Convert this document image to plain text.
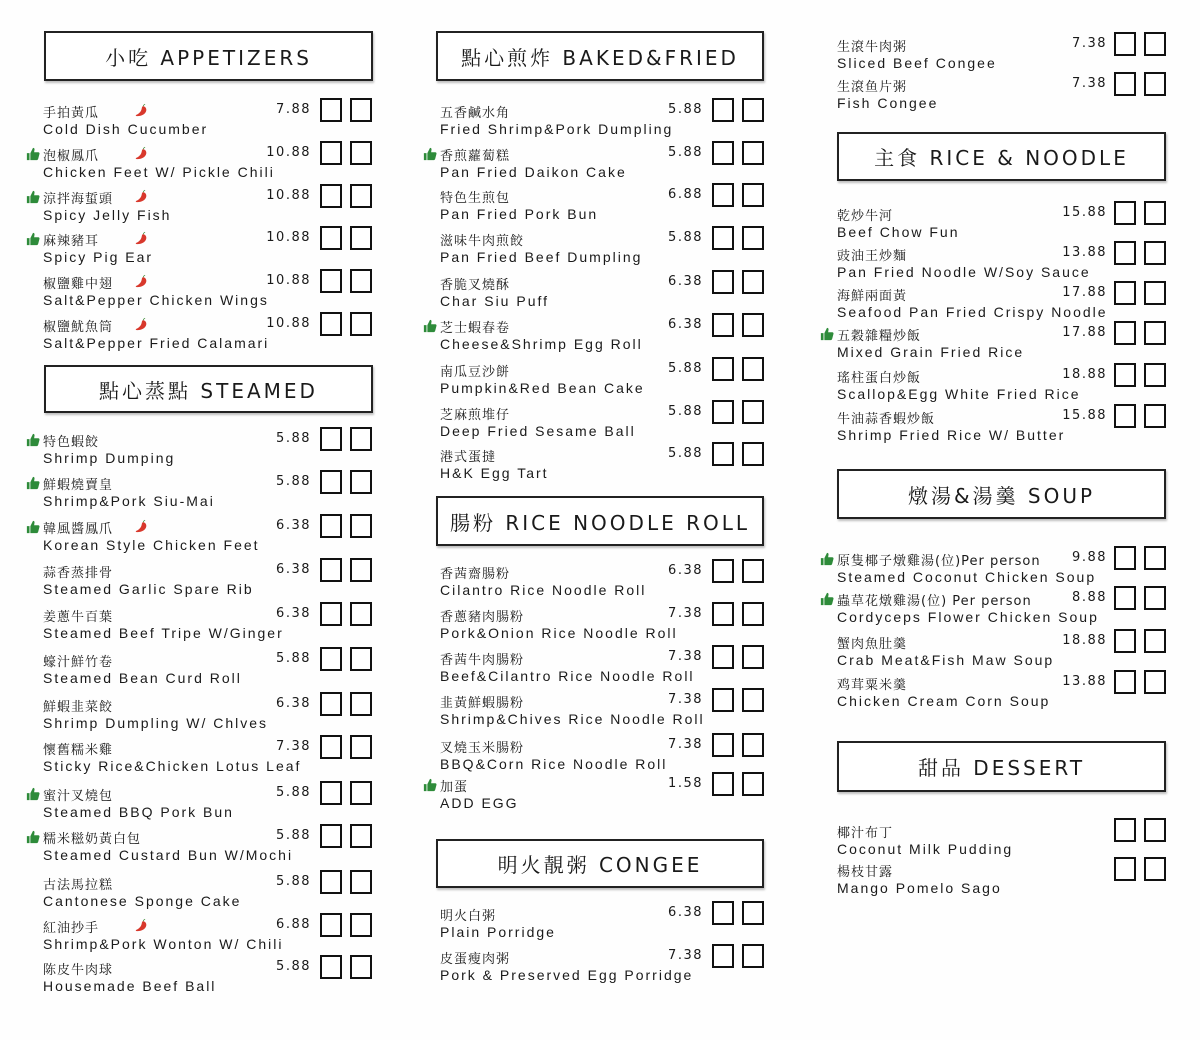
小吃 APPETIZERS
手拍黃瓜
Cold Dish Cucumber
7.88
泡椒鳳爪
Chicken Feet W/ Pickle Chili
10.88
涼拌海蜇頭
Spicy Jelly Fish
10.88
麻辣豬耳
Spicy Pig Ear
10.88
椒鹽雞中翅
Salt&Pepper Chicken Wings
10.88
椒鹽魷魚筒
Salt&Pepper Fried Calamari
10.88
點心蒸點 STEAMED
特色蝦餃
Shrimp Dumping
5.88
鮮蝦燒賣皇
Shrimp&Pork Siu-Mai
5.88
韓風醬鳳爪
Korean Style Chicken Feet
6.38
蒜香蒸排骨
Steamed Garlic Spare Rib
6.38
姜蔥牛百葉
Steamed Beef Tripe W/Ginger
6.38
蠔汁鮮竹卷
Steamed Bean Curd Roll
5.88
鮮蝦韭菜餃
Shrimp Dumpling W/ Chlves
6.38
懷舊糯米雞
Sticky Rice&Chicken Lotus Leaf
7.38
蜜汁叉燒包
Steamed BBQ Pork Bun
5.88
糯米糍奶黃白包
Steamed Custard Bun W/Mochi
5.88
古法馬拉糕
Cantonese Sponge Cake
5.88
紅油抄手
Shrimp&Pork Wonton W/ Chili
6.88
陈皮牛肉球
Housemade Beef Ball
5.88
點心煎炸 BAKED&FRIED
五香鹹水角
Fried Shrimp&Pork Dumpling
5.88
香煎蘿蔔糕
Pan Fried Daikon Cake
5.88
特色生煎包
Pan Fried Pork Bun
6.88
滋味牛肉煎餃
Pan Fried Beef Dumpling
5.88
香脆叉燒酥
Char Siu Puff
6.38
芝士蝦春卷
Cheese&Shrimp Egg Roll
6.38
南瓜豆沙餅
Pumpkin&Red Bean Cake
5.88
芝麻煎堆仔
Deep Fried Sesame Ball
5.88
港式蛋撻
H&K Egg Tart
5.88
腸粉 RICE NOODLE ROLL
香茜齋腸粉
Cilantro Rice Noodle Roll
6.38
香蔥豬肉腸粉
Pork&Onion Rice Noodle Roll
7.38
香茜牛肉腸粉
Beef&Cilantro Rice Noodle Roll
7.38
韭黃鮮蝦腸粉
Shrimp&Chives Rice Noodle Roll
7.38
叉燒玉米腸粉
BBQ&Corn Rice Noodle Roll
7.38
加蛋
ADD EGG
1.58
明火靚粥 CONGEE
明火白粥
Plain Porridge
6.38
皮蛋瘦肉粥
Pork & Preserved Egg Porridge
7.38
生滾牛肉粥
Sliced Beef Congee
7.38
生滾鱼片粥
Fish Congee
7.38
主食 RICE & NOODLE
乾炒牛河
Beef Chow Fun
15.88
豉油王炒麵
Pan Fried Noodle W/Soy Sauce
13.88
海鮮兩面黃
Seafood Pan Fried Crispy Noodle
17.88
五穀雜糧炒飯
Mixed Grain Fried Rice
17.88
瑤柱蛋白炒飯
Scallop&Egg White Fried Rice
18.88
牛油蒜香蝦炒飯
Shrimp Fried Rice W/ Butter
15.88
燉湯&湯羹 SOUP
原隻椰子燉雞湯(位)Per person
Steamed Coconut Chicken Soup
9.88
蟲草花燉雞湯(位) Per person
Cordyceps Flower Chicken Soup
8.88
蟹肉魚肚羹
Crab Meat&Fish Maw Soup
18.88
鸡茸粟米羹
Chicken Cream Corn Soup
13.88
甜品 DESSERT
椰汁布丁
Coconut Milk Pudding
楊枝甘露
Mango Pomelo Sago
